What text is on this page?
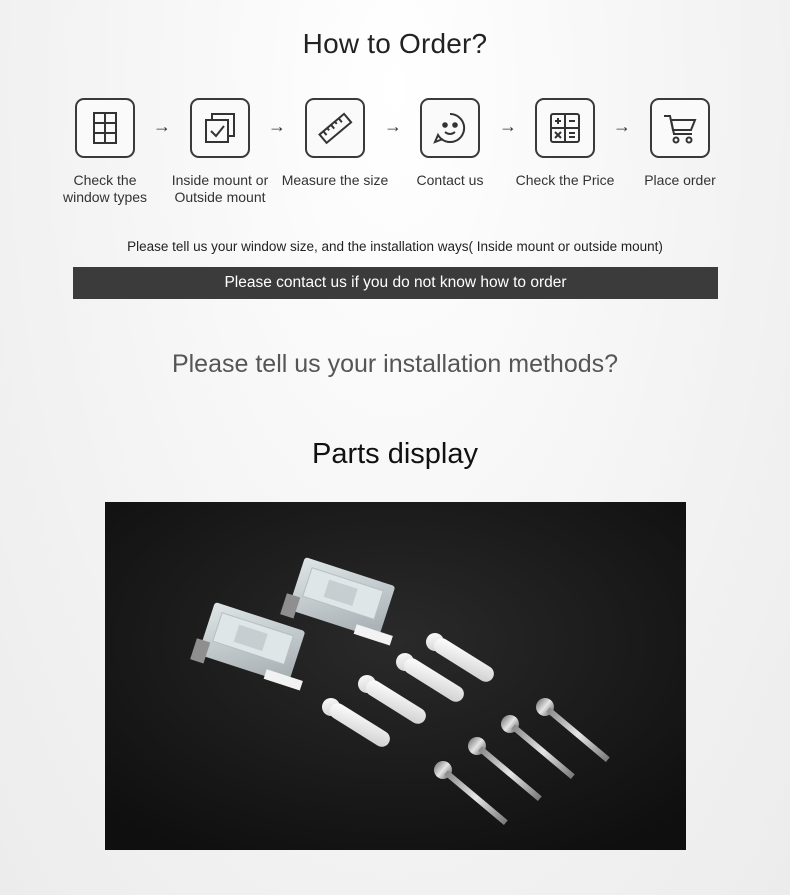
How to Order?
Check the
window types
→
Inside mount or
Outside mount
→
Measure the size
→
Contact us
→
Check the Price
→
Place order
Please tell us your window size, and the installation ways( Inside mount or outside mount)
Please contact us if you do not know how to order
Please tell us your installation methods?
Parts display
